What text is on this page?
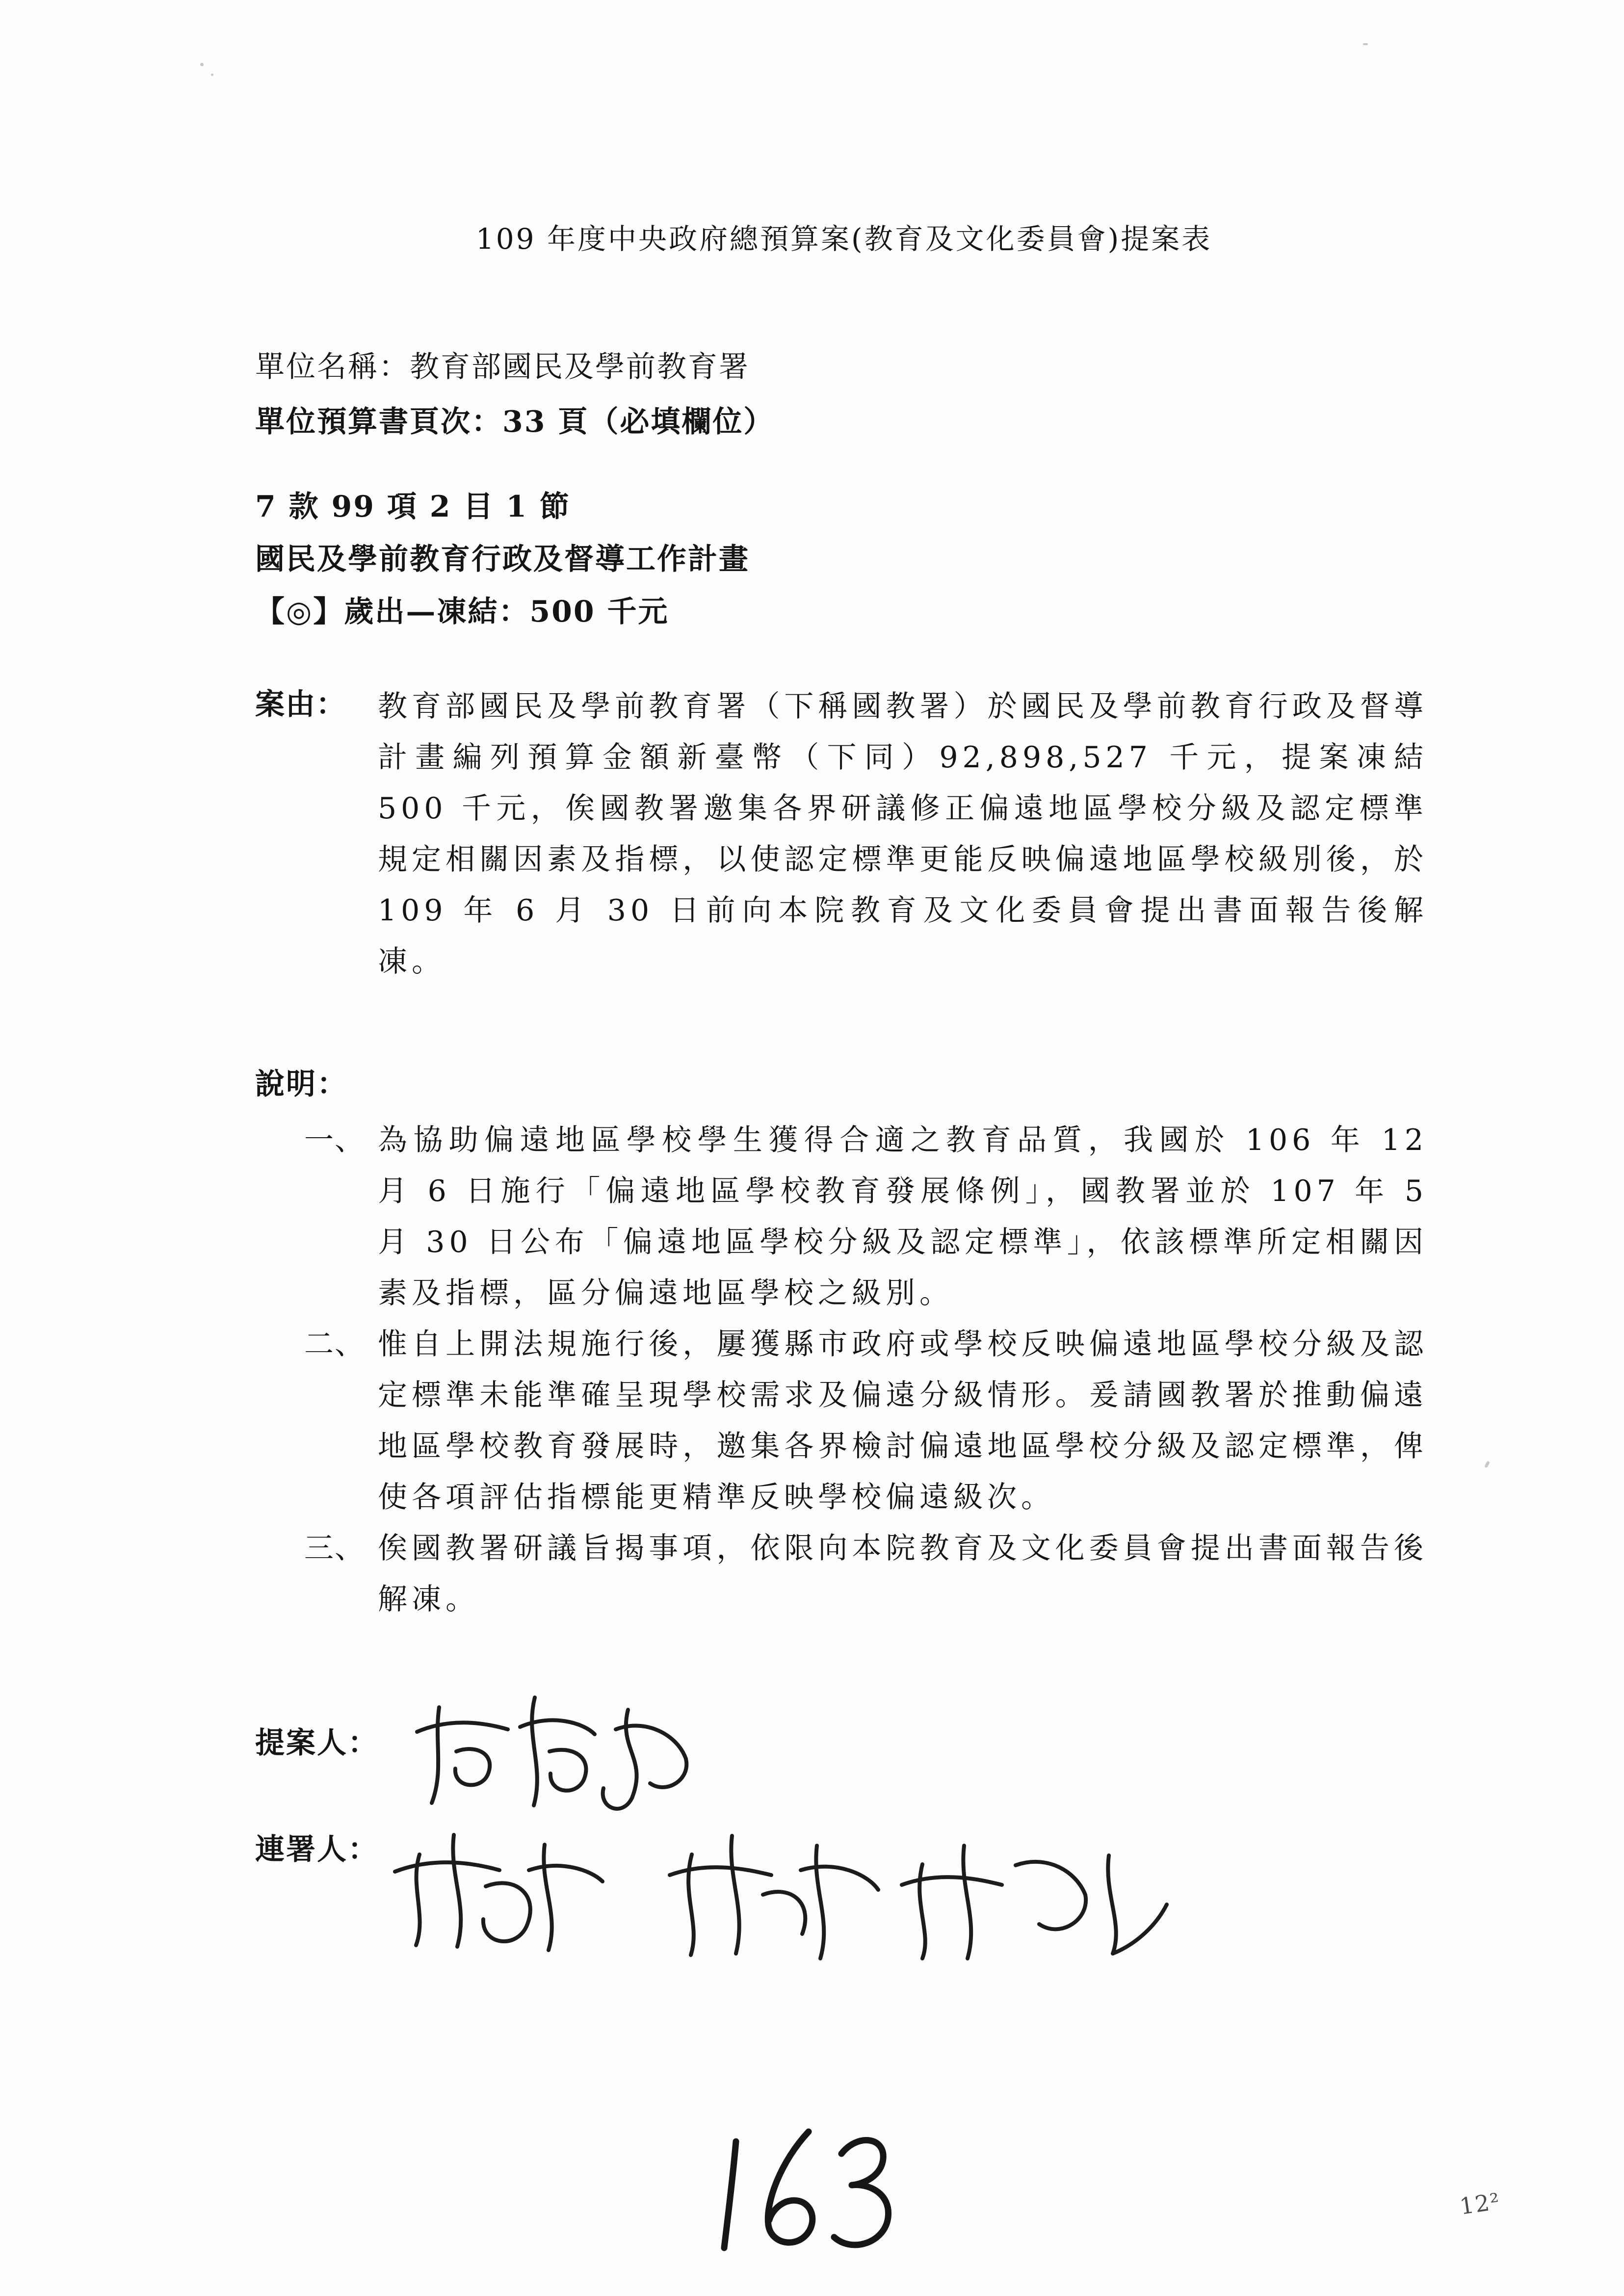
109 年度中央政府總預算案(教育及文化委員會)提案表
單位名稱：教育部國民及學前教育署
單位預算書頁次：33 頁（必填欄位）
7 款 99 項 2 目 1 節
國民及學前教育行政及督導工作計畫
【◎】歲出—凍結：500 千元
案由：	教育部國民及學前教育署（下稱國教署）於國民及學前教育行政及督導計畫編列預算金額新臺幣（下同）92,898,527 千元，提案凍結 500 千元，俟國教署邀集各界研議修正偏遠地區學校分級及認定標準規定相關因素及指標，以使認定標準更能反映偏遠地區學校級別後，於 109 年 6 月 30 日前向本院教育及文化委員會提出書面報告後解凍。
說明：
一、 為協助偏遠地區學校學生獲得合適之教育品質，我國於 106 年 12 月 6 日施行「偏遠地區學校教育發展條例」，國教署並於 107 年 5 月 30 日公布「偏遠地區學校分級及認定標準」，依該標準所定相關因素及指標，區分偏遠地區學校之級別。
二、 惟自上開法規施行後，屢獲縣市政府或學校反映偏遠地區學校分級及認定標準未能準確呈現學校需求及偏遠分級情形。爰請國教署於推動偏遠地區學校教育發展時，邀集各界檢討偏遠地區學校分級及認定標準，俾使各項評估指標能更精準反映學校偏遠級次。
三、 俟國教署研議旨揭事項，依限向本院教育及文化委員會提出書面報告後解凍。
提案人：
連署人：
12²
